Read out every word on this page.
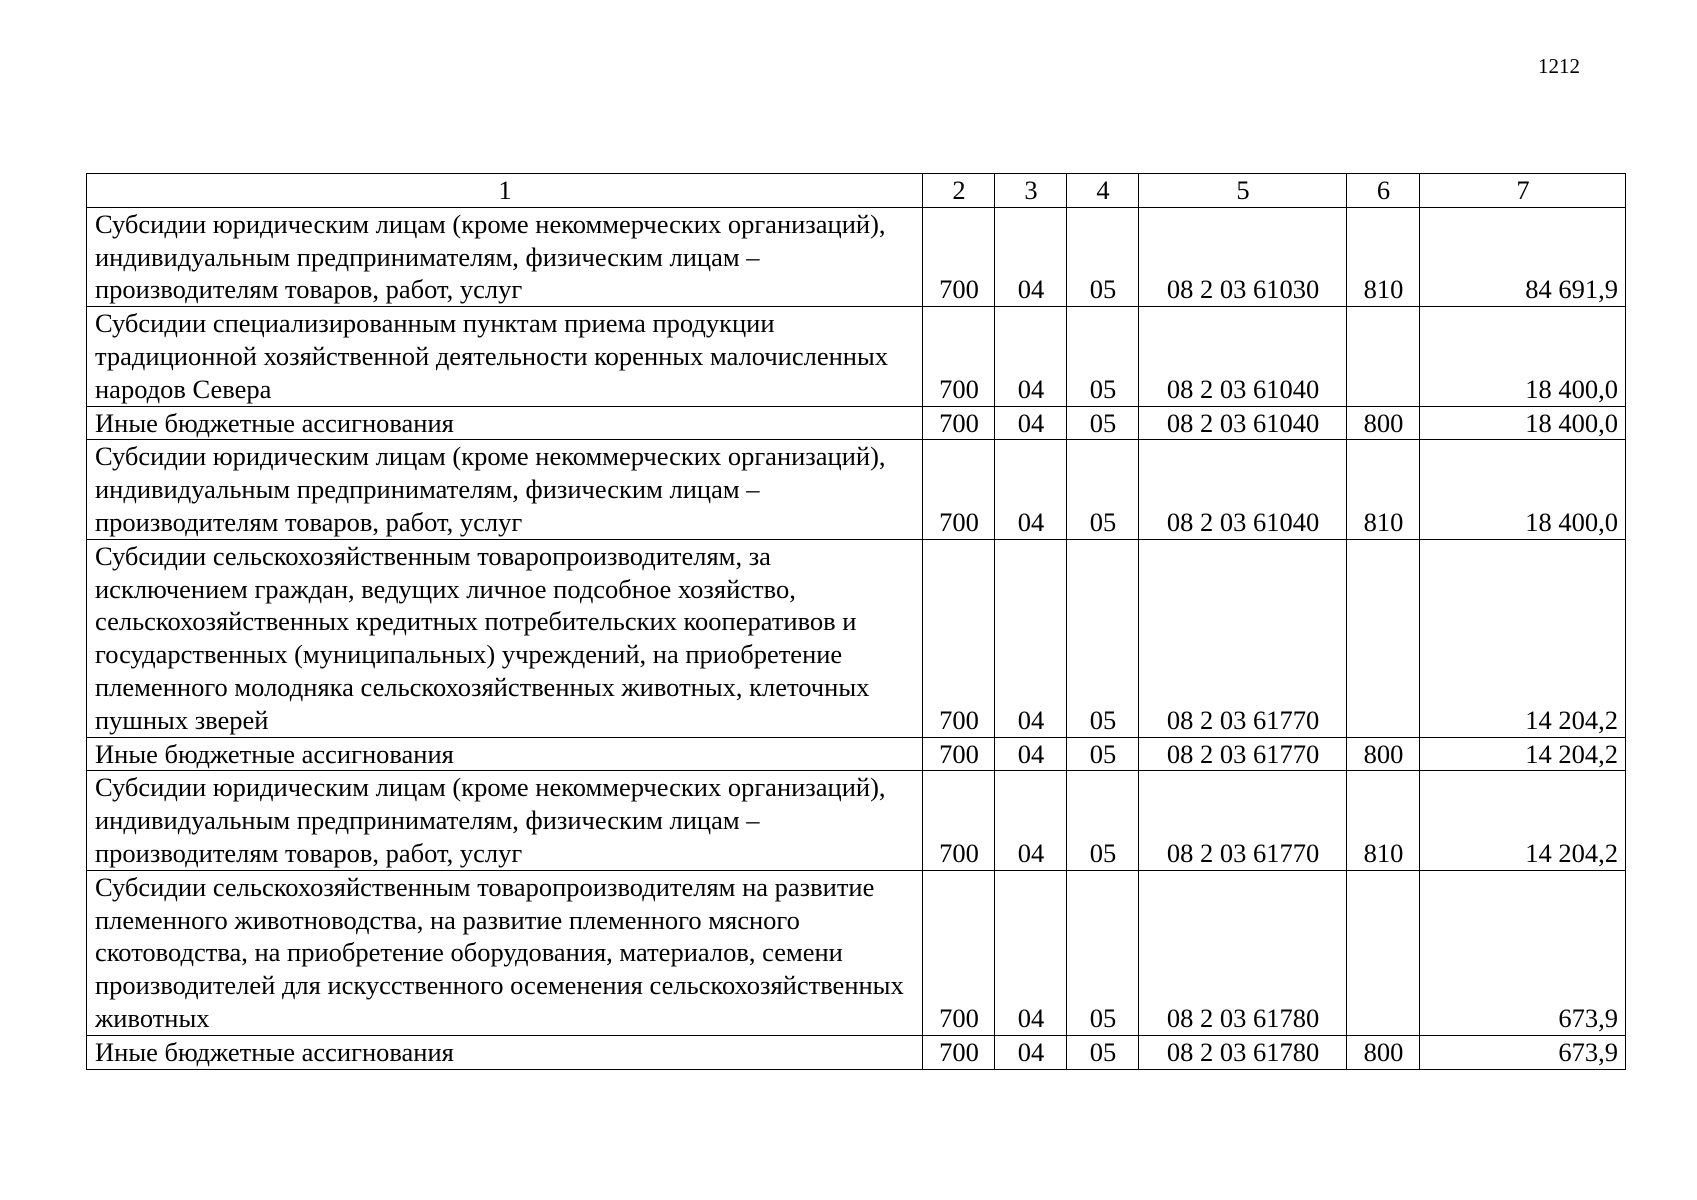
1212
1	2	3	4	5	6	7
Субсидии юридическим лицам (кроме некоммерческих организаций), индивидуальным предпринимателям, физическим лицам – производителям товаров, работ, услуг	700	04	05	08 2 03 61030	810	84 691,9
Субсидии специализированным пунктам приема продукции традиционной хозяйственной деятельности коренных малочисленных народов Севера	700	04	05	08 2 03 61040		18 400,0
Иные бюджетные ассигнования	700	04	05	08 2 03 61040	800	18 400,0
Субсидии юридическим лицам (кроме некоммерческих организаций), индивидуальным предпринимателям, физическим лицам – производителям товаров, работ, услуг	700	04	05	08 2 03 61040	810	18 400,0
Субсидии сельскохозяйственным товаропроизводителям, за исключением граждан, ведущих личное подсобное хозяйство, сельскохозяйственных кредитных потребительских кооперативов и государственных (муниципальных) учреждений, на приобретение племенного молодняка сельскохозяйственных животных, клеточных пушных зверей	700	04	05	08 2 03 61770		14 204,2
Иные бюджетные ассигнования	700	04	05	08 2 03 61770	800	14 204,2
Субсидии юридическим лицам (кроме некоммерческих организаций), индивидуальным предпринимателям, физическим лицам – производителям товаров, работ, услуг	700	04	05	08 2 03 61770	810	14 204,2
Субсидии сельскохозяйственным товаропроизводителям на развитие племенного животноводства, на развитие племенного мясного скотоводства, на приобретение оборудования, материалов, семени производителей для искусственного осеменения сельскохозяйственных животных	700	04	05	08 2 03 61780		673,9
Иные бюджетные ассигнования	700	04	05	08 2 03 61780	800	673,9
